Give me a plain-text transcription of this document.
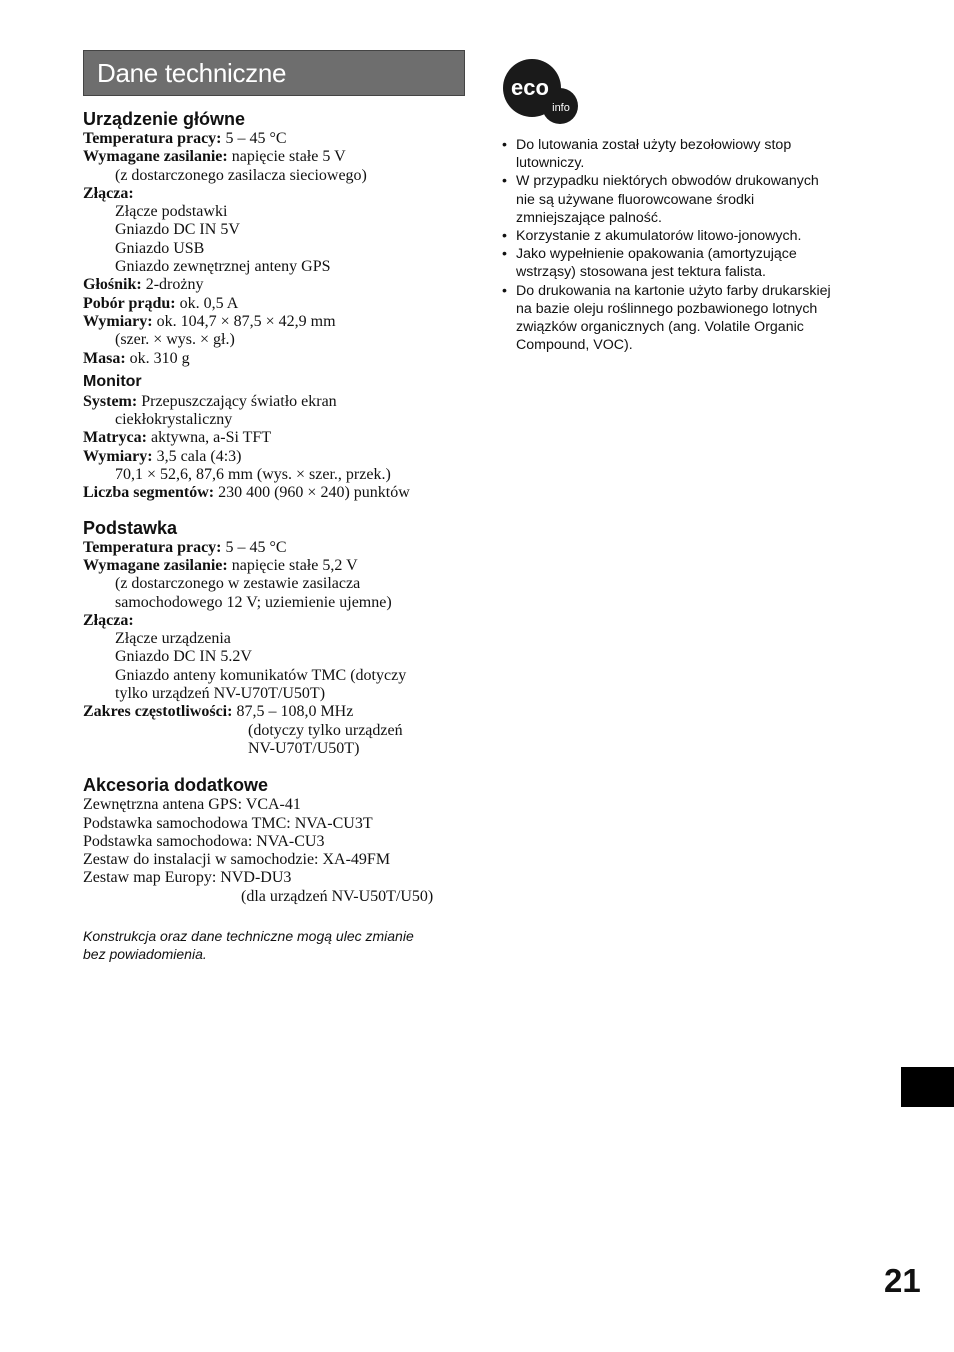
Dane techniczne
Urządzenie główne
Temperatura pracy: 5 – 45 °C
Wymagane zasilanie: napięcie stałe 5 V
(z dostarczonego zasilacza sieciowego)
Złącza:
Złącze podstawki
Gniazdo DC IN 5V
Gniazdo USB
Gniazdo zewnętrznej anteny GPS
Głośnik: 2-drożny
Pobór prądu: ok. 0,5 A
Wymiary: ok. 104,7 × 87,5 × 42,9 mm
(szer. × wys. × gł.)
Masa: ok. 310 g
Monitor
System: Przepuszczający światło ekran
ciekłokrystaliczny
Matryca: aktywna, a-Si TFT
Wymiary: 3,5 cala (4:3)
70,1 × 52,6, 87,6 mm (wys. × szer., przek.)
Liczba segmentów: 230 400 (960 × 240) punktów
Podstawka
Temperatura pracy: 5 – 45 °C
Wymagane zasilanie: napięcie stałe 5,2 V
(z dostarczonego w zestawie zasilacza
samochodowego 12 V; uziemienie ujemne)
Złącza:
Złącze urządzenia
Gniazdo DC IN 5.2V
Gniazdo anteny komunikatów TMC (dotyczy
tylko urządzeń NV-U70T/U50T)
Zakres częstotliwości: 87,5 – 108,0 MHz
(dotyczy tylko urządzeń
NV-U70T/U50T)
Akcesoria dodatkowe
Zewnętrzna antena GPS: VCA-41
Podstawka samochodowa TMC: NVA-CU3T
Podstawka samochodowa: NVA-CU3
Zestaw do instalacji w samochodzie: XA-49FM
Zestaw map Europy: NVD-DU3
(dla urządzeń NV-U50T/U50)
Konstrukcja oraz dane techniczne mogą ulec zmianie
bez powiadomienia.
eco
info
• Do lutowania został użyty bezołowiowy stop
lutowniczy.
• W przypadku niektórych obwodów drukowanych
nie są używane fluorowcowane środki
zmniejszające palność.
• Korzystanie z akumulatorów litowo-jonowych.
• Jako wypełnienie opakowania (amortyzujące
wstrząsy) stosowana jest tektura falista.
• Do drukowania na kartonie użyto farby drukarskiej
na bazie oleju roślinnego pozbawionego lotnych
związków organicznych (ang. Volatile Organic
Compound, VOC).
21
